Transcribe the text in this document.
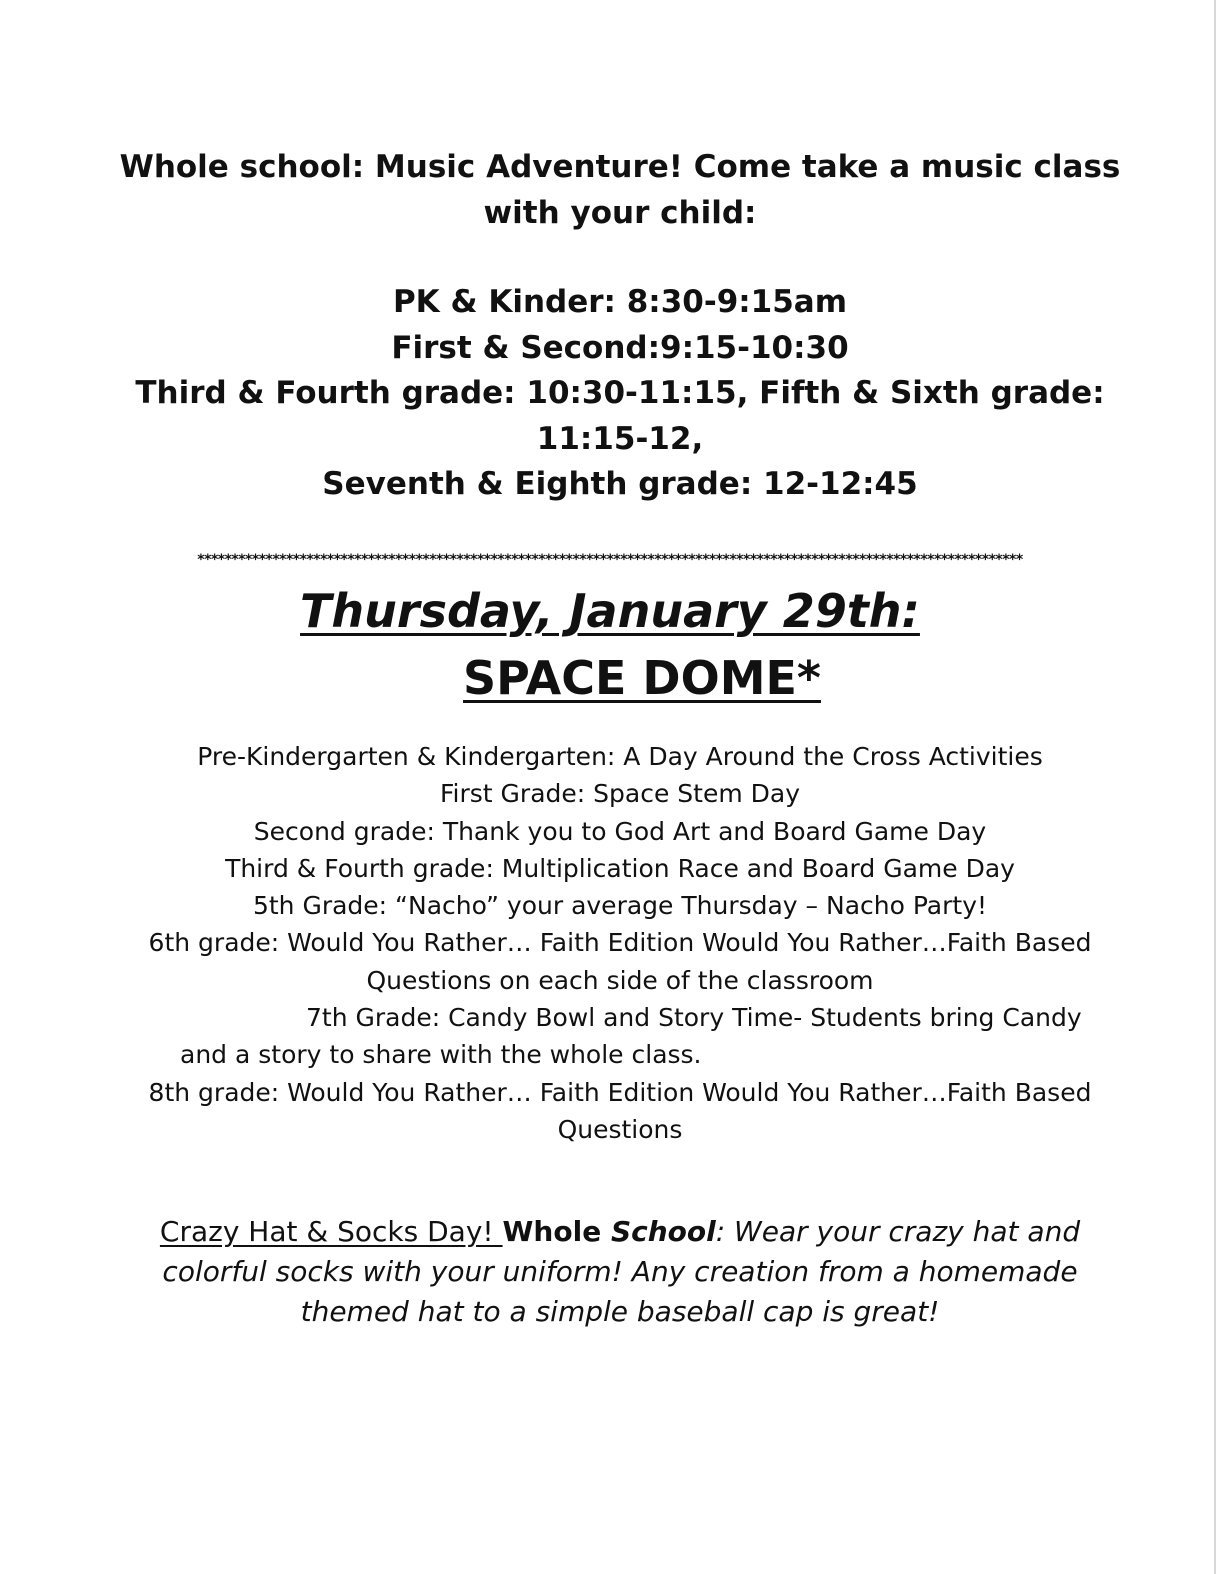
Whole school: Music Adventure! Come take a music class with your child:
PK & Kinder: 8:30-9:15am
First & Second:9:15-10:30
Third & Fourth grade: 10:30-11:15, Fifth & Sixth grade: 11:15-12,
Seventh & Eighth grade: 12-12:45
*************************************************************************************************************************
Thursday, January 29th:
SPACE DOME*
Pre-Kindergarten & Kindergarten: A Day Around the Cross Activities
First Grade: Space Stem Day
Second grade: Thank you to God Art and Board Game Day
Third & Fourth grade: Multiplication Race and Board Game Day
5th Grade: “Nacho” your average Thursday – Nacho Party!
6th grade: Would You Rather… Faith Edition Would You Rather…Faith Based Questions on each side of the classroom
7th Grade: Candy Bowl and Story Time- Students bring Candy and a story to share with the whole class.
8th grade: Would You Rather… Faith Edition Would You Rather…Faith Based Questions
Crazy Hat & Socks Day! Whole School: Wear your crazy hat and colorful socks with your uniform! Any creation from a homemade themed hat to a simple baseball cap is great!
